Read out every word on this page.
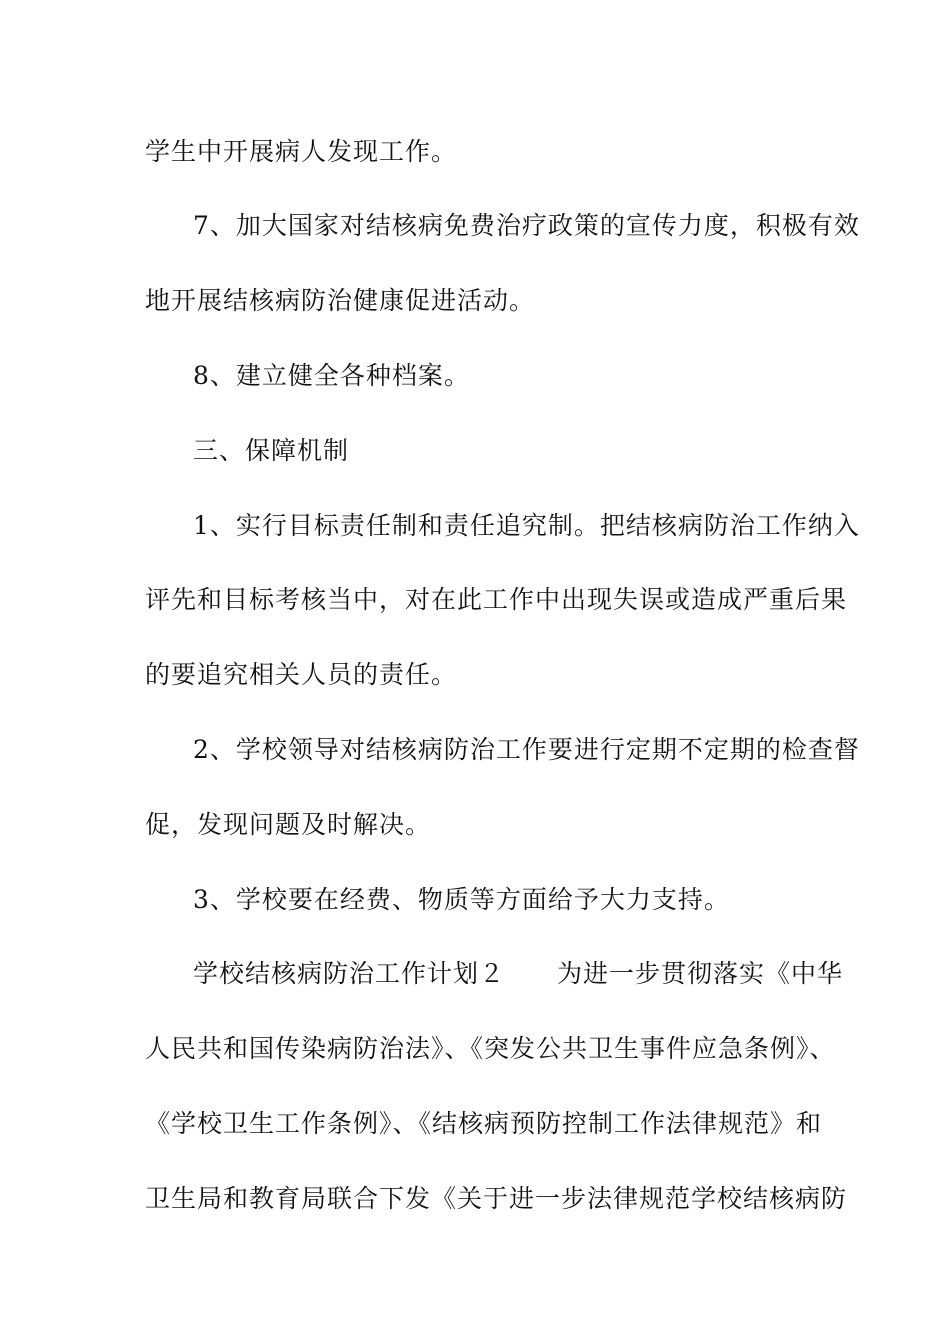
学生中开展病人发现工作。
7、加大国家对结核病免费治疗政策的宣传力度，积极有效
地开展结核病防治健康促进活动。
8、建立健全各种档案。
三、保障机制
1、实行目标责任制和责任追究制。把结核病防治工作纳入
评先和目标考核当中，对在此工作中出现失误或造成严重后果
的要追究相关人员的责任。
2、学校领导对结核病防治工作要进行定期不定期的检查督
促，发现问题及时解决。
3、学校要在经费、物质等方面给予大力支持。
学校结核病防治工作计划２　　为进一步贯彻落实《中华
人民共和国传染病防治法》、《突发公共卫生事件应急条例》、
《学校卫生工作条例》、《结核病预防控制工作法律规范》和
卫生局和教育局联合下发《关于进一步法律规范学校结核病防
